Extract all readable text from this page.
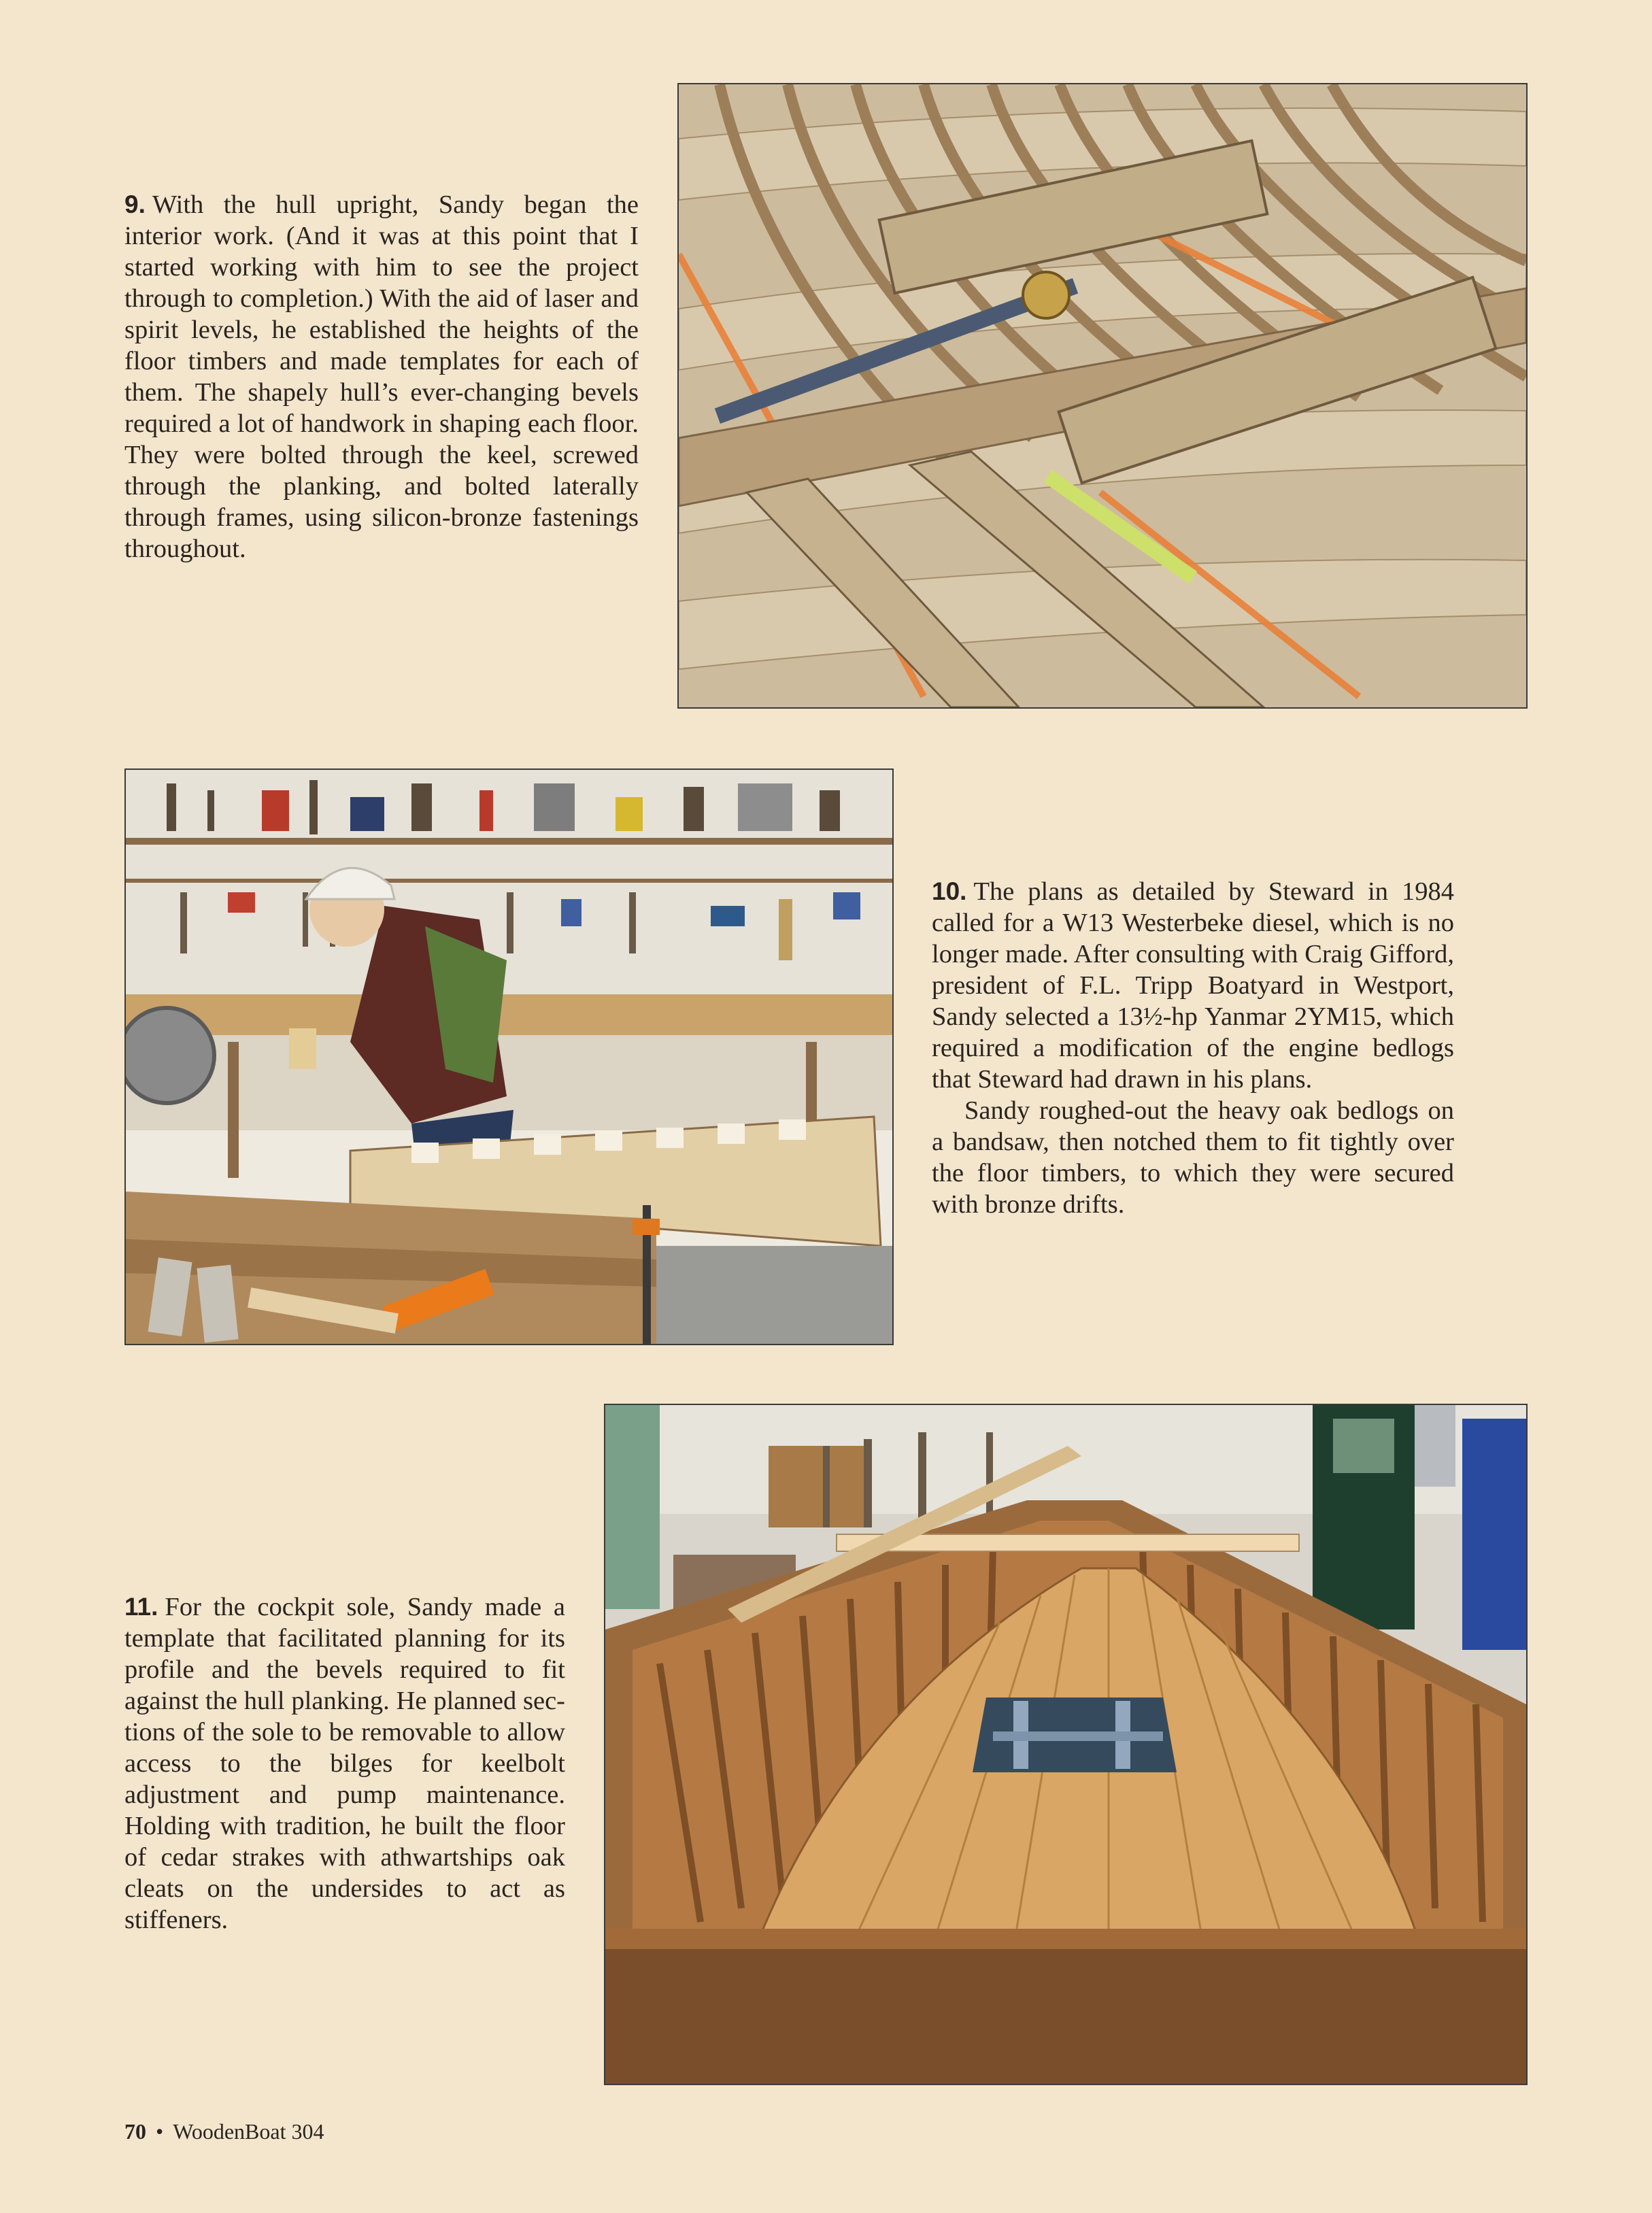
9. With the hull upright, Sandy began the interior work. (And it was at this point that I started working with him to see the project through to completion.) With the aid of laser and spirit levels, he established the heights of the floor timbers and made templates for each of them. The shapely hull’s ever-changing bevels required a lot of handwork in shaping each floor. They were bolted through the keel, screwed through the planking, and bolted laterally through frames, using silicon-bronze fastenings throughout.

10. The plans as detailed by Steward in 1984 called for a W13 Westerbeke diesel, which is no longer made. After consulting with Craig Gifford, president of F.L. Tripp Boatyard in Westport, Sandy selected a 13½-hp Yanmar 2YM15, which required a modification of the engine bedlogs that Steward had drawn in his plans.

Sandy roughed-out the heavy oak bedlogs on a bandsaw, then notched them to fit tightly over the floor timbers, to which they were secured with bronze drifts.

11. For the cockpit sole, Sandy made a template that facilitated planning for its profile and the bevels required to fit against the hull planking. He planned sections of the sole to be removable to allow access to the bilges for keelbolt adjustment and pump maintenance. Holding with tradition, he built the floor of cedar strakes with athwartships oak cleats on the undersides to act as stiffeners.

70 • WoodenBoat 304
